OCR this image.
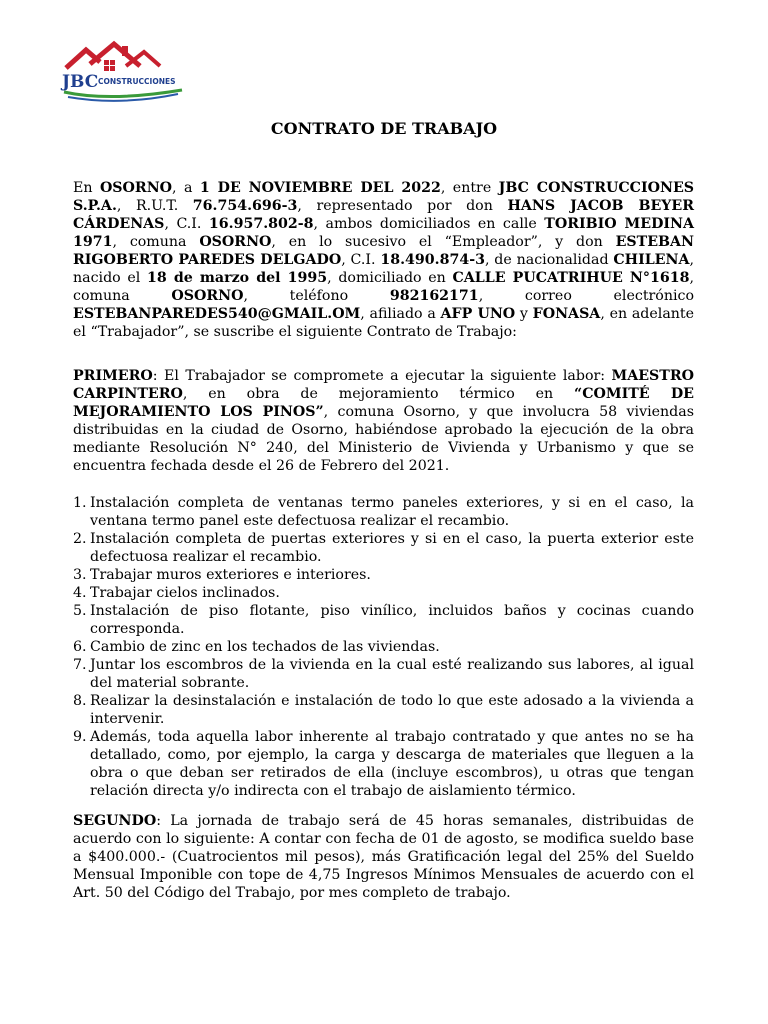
JBC CONSTRUCCIONES
CONTRATO DE TRABAJO

En OSORNO, a 1 DE NOVIEMBRE DEL 2022, entre JBC CONSTRUCCIONES S.P.A., R.U.T. 76.754.696-3, representado por don HANS JACOB BEYER CÁRDENAS, C.I. 16.957.802-8, ambos domiciliados en calle TORIBIO MEDINA 1971, comuna OSORNO, en lo sucesivo el “Empleador”, y don ESTEBAN RIGOBERTO PAREDES DELGADO, C.I. 18.490.874-3, de nacionalidad CHILENA, nacido el 18 de marzo del 1995, domiciliado en CALLE PUCATRIHUE N°1618, comuna OSORNO, teléfono 982162171, correo electrónico ESTEBANPAREDES540@GMAIL.OM, afiliado a AFP UNO y FONASA, en adelante el “Trabajador”, se suscribe el siguiente Contrato de Trabajo:

PRIMERO: El Trabajador se compromete a ejecutar la siguiente labor: MAESTRO CARPINTERO, en obra de mejoramiento térmico en “COMITÉ DE MEJORAMIENTO LOS PINOS”, comuna Osorno, y que involucra 58 viviendas distribuidas en la ciudad de Osorno, habiéndose aprobado la ejecución de la obra mediante Resolución N° 240, del Ministerio de Vivienda y Urbanismo y que se encuentra fechada desde el 26 de Febrero del 2021.

1. Instalación completa de ventanas termo paneles exteriores, y si en el caso, la ventana termo panel este defectuosa realizar el recambio.
2. Instalación completa de puertas exteriores y si en el caso, la puerta exterior este defectuosa realizar el recambio.
3. Trabajar muros exteriores e interiores.
4. Trabajar cielos inclinados.
5. Instalación de piso flotante, piso vinílico, incluidos baños y cocinas cuando corresponda.
6. Cambio de zinc en los techados de las viviendas.
7. Juntar los escombros de la vivienda en la cual esté realizando sus labores, al igual del material sobrante.
8. Realizar la desinstalación e instalación de todo lo que este adosado a la vivienda a intervenir.
9. Además, toda aquella labor inherente al trabajo contratado y que antes no se ha detallado, como, por ejemplo, la carga y descarga de materiales que lleguen a la obra o que deban ser retirados de ella (incluye escombros), u otras que tengan relación directa y/o indirecta con el trabajo de aislamiento térmico.

SEGUNDO: La jornada de trabajo será de 45 horas semanales, distribuidas de acuerdo con lo siguiente: A contar con fecha de 01 de agosto, se modifica sueldo base a $400.000.- (Cuatrocientos mil pesos), más Gratificación legal del 25% del Sueldo Mensual Imponible con tope de 4,75 Ingresos Mínimos Mensuales de acuerdo con el Art. 50 del Código del Trabajo, por mes completo de trabajo.
